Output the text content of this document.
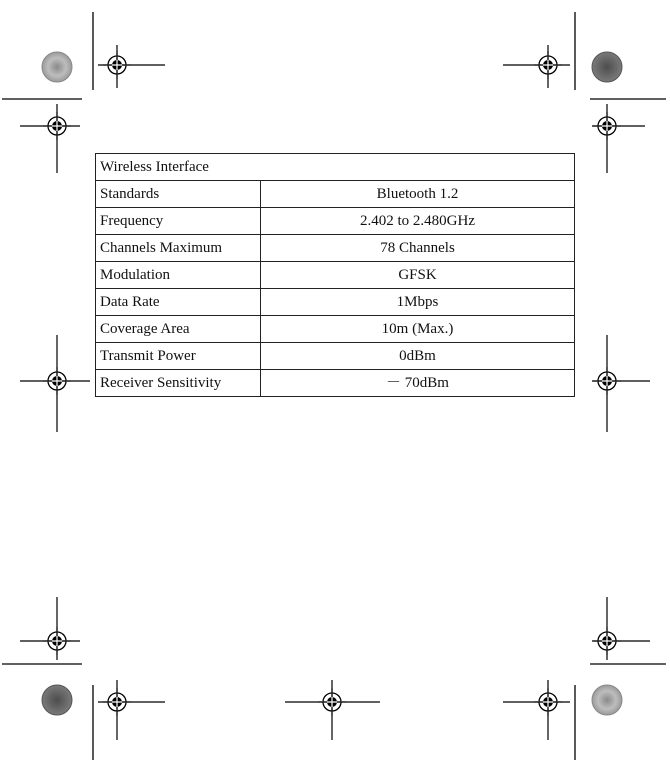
Wireless Interface	
Standards	Bluetooth 1.2
Frequency	2.402 to 2.480GHz
Channels Maximum	78 Channels
Modulation	GFSK
Data Rate	1Mbps
Coverage Area	10m (Max.)
Transmit Power	0dBm
Receiver Sensitivity	－ 70dBm
